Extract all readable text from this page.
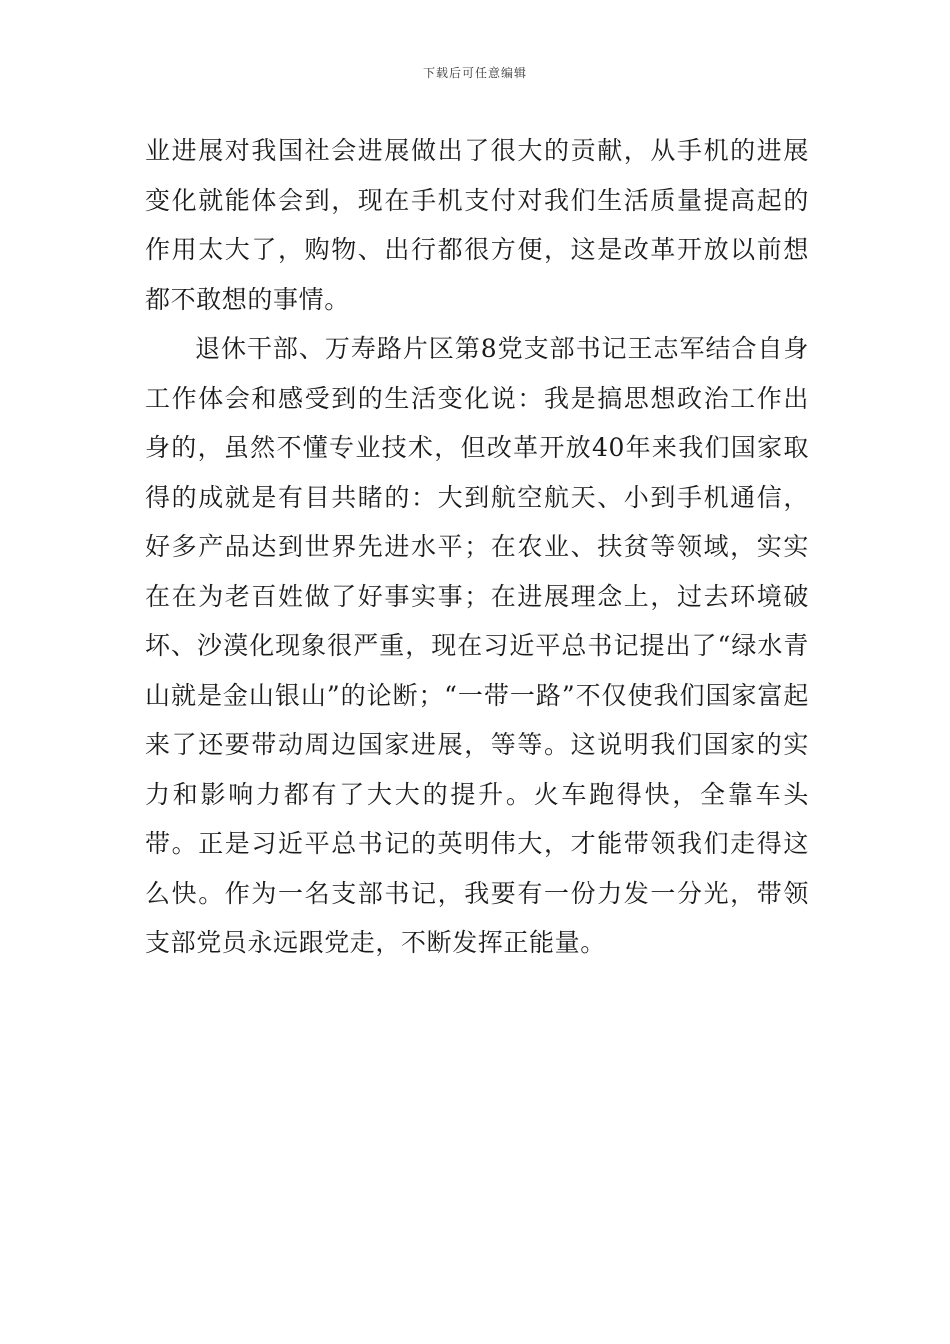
下载后可任意编辑

业进展对我国社会进展做出了很大的贡献，从手机的进展变化就能体会到，现在手机支付对我们生活质量提高起的作用太大了，购物、出行都很方便，这是改革开放以前想都不敢想的事情。

退休干部、万寿路片区第8党支部书记王志军结合自身工作体会和感受到的生活变化说：我是搞思想政治工作出身的，虽然不懂专业技术，但改革开放40年来我们国家取得的成就是有目共睹的：大到航空航天、小到手机通信，好多产品达到世界先进水平；在农业、扶贫等领域，实实在在为老百姓做了好事实事；在进展理念上，过去环境破坏、沙漠化现象很严重，现在习近平总书记提出了“绿水青山就是金山银山”的论断；“一带一路”不仅使我们国家富起来了还要带动周边国家进展，等等。这说明我们国家的实力和影响力都有了大大的提升。火车跑得快，全靠车头带。正是习近平总书记的英明伟大，才能带领我们走得这么快。作为一名支部书记，我要有一份力发一分光，带领支部党员永远跟党走，不断发挥正能量。
